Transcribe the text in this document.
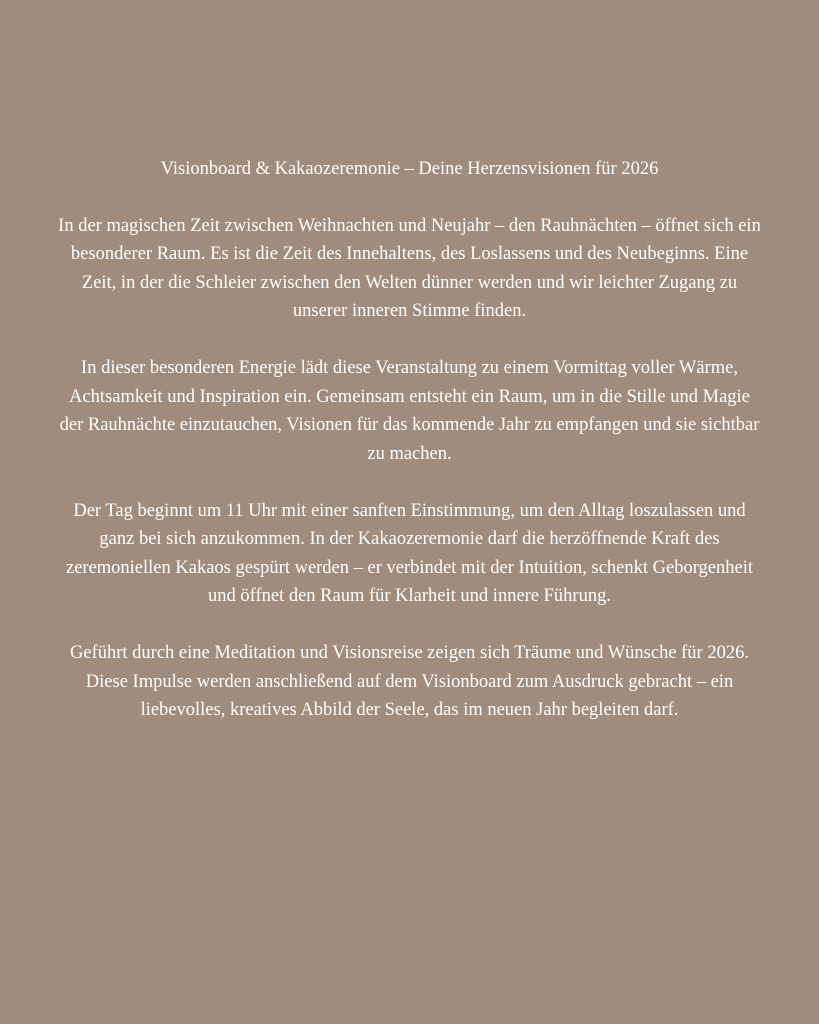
Visionboard & Kakaozeremonie – Deine Herzensvisionen für 2026

In der magischen Zeit zwischen Weihnachten und Neujahr – den Rauhnächten – öffnet sich ein besonderer Raum. Es ist die Zeit des Innehaltens, des Loslassens und des Neubeginns. Eine Zeit, in der die Schleier zwischen den Welten dünner werden und wir leichter Zugang zu unserer inneren Stimme finden.

In dieser besonderen Energie lädt diese Veranstaltung zu einem Vormittag voller Wärme, Achtsamkeit und Inspiration ein. Gemeinsam entsteht ein Raum, um in die Stille und Magie der Rauhnächte einzutauchen, Visionen für das kommende Jahr zu empfangen und sie sichtbar zu machen.

Der Tag beginnt um 11 Uhr mit einer sanften Einstimmung, um den Alltag loszulassen und ganz bei sich anzukommen. In der Kakaozeremonie darf die herzöffnende Kraft des zeremoniellen Kakaos gespürt werden – er verbindet mit der Intuition, schenkt Geborgenheit und öffnet den Raum für Klarheit und innere Führung.

Geführt durch eine Meditation und Visionsreise zeigen sich Träume und Wünsche für 2026. Diese Impulse werden anschließend auf dem Visionboard zum Ausdruck gebracht – ein liebevolles, kreatives Abbild der Seele, das im neuen Jahr begleiten darf.
